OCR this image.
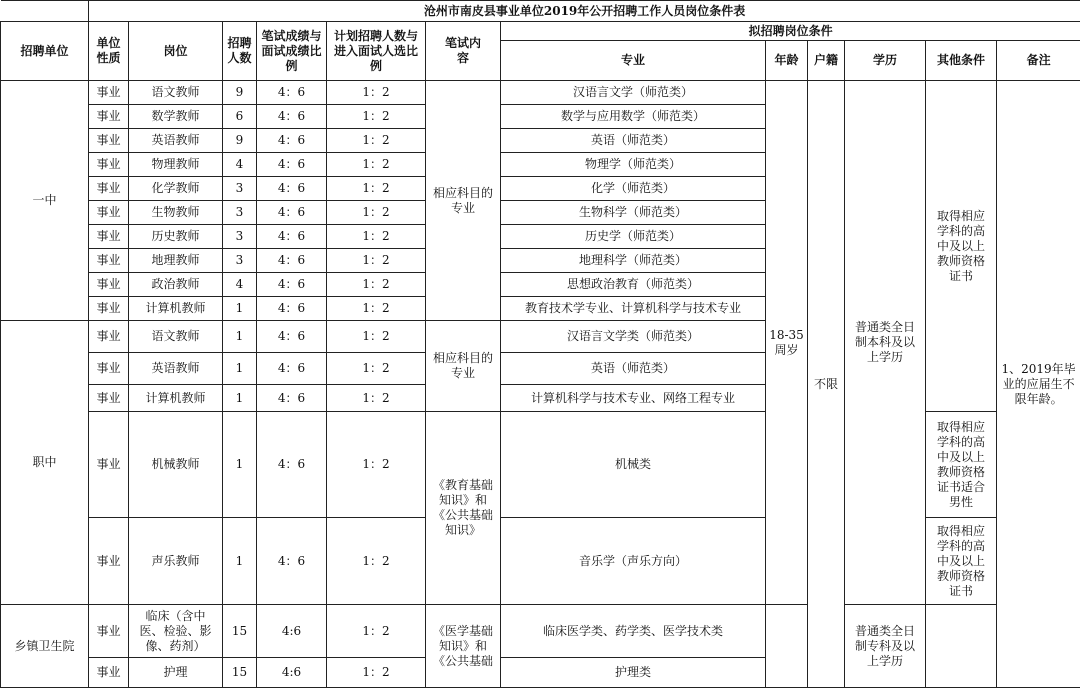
	沧州市南皮县事业单位2019年公开招聘工作人员岗位条件表											
招聘单位	单位性质	岗位	招聘人数	笔试成绩与面试成绩比例	计划招聘人数与进入面试人选比例	笔试内容	拟招聘岗位条件					
							专业	年龄	户籍	学历	其他条件	备注
一中	事业	语文教师	9	4：6	1：2	相应科目的专业	汉语言文学（师范类）	18-35周岁	不限	普通类全日制本科及以上学历	取得相应学科的高中及以上教师资格证书	1、2019年毕业的应届生不限年龄。
	事业	数学教师	6	4：6	1：2		数学与应用数学（师范类）					
	事业	英语教师	9	4：6	1：2		英语（师范类）					
	事业	物理教师	4	4：6	1：2		物理学（师范类）					
	事业	化学教师	3	4：6	1：2		化学（师范类）					
	事业	生物教师	3	4：6	1：2		生物科学（师范类）					
	事业	历史教师	3	4：6	1：2		历史学（师范类）					
	事业	地理教师	3	4：6	1：2		地理科学（师范类）					
	事业	政治教师	4	4：6	1：2		思想政治教育（师范类）					
	事业	计算机教师	1	4：6	1：2		教育技术学专业、计算机科学与技术专业					
职中	事业	语文教师	1	4：6	1：2	相应科目的专业	汉语言文学类（师范类）					
	事业	英语教师	1	4：6	1：2		英语（师范类）					
	事业	计算机教师	1	4：6	1：2		计算机科学与技术专业、网络工程专业					
	事业	机械教师	1	4：6	1：2	《教育基础知识》和《公共基础知识》	机械类				取得相应学科的高中及以上教师资格证书适合男性	
	事业	声乐教师	1	4：6	1：2		音乐学（声乐方向）				取得相应学科的高中及以上教师资格证书	
乡镇卫生院	事业	临床（含中医、检验、影像、药剂）	15	4:6	1：2	《医学基础知识》和《公共基础	临床医学类、药学类、医学技术类			普通类全日制专科及以上学历		
	事业	护理	15	4:6	1：2		护理类					
